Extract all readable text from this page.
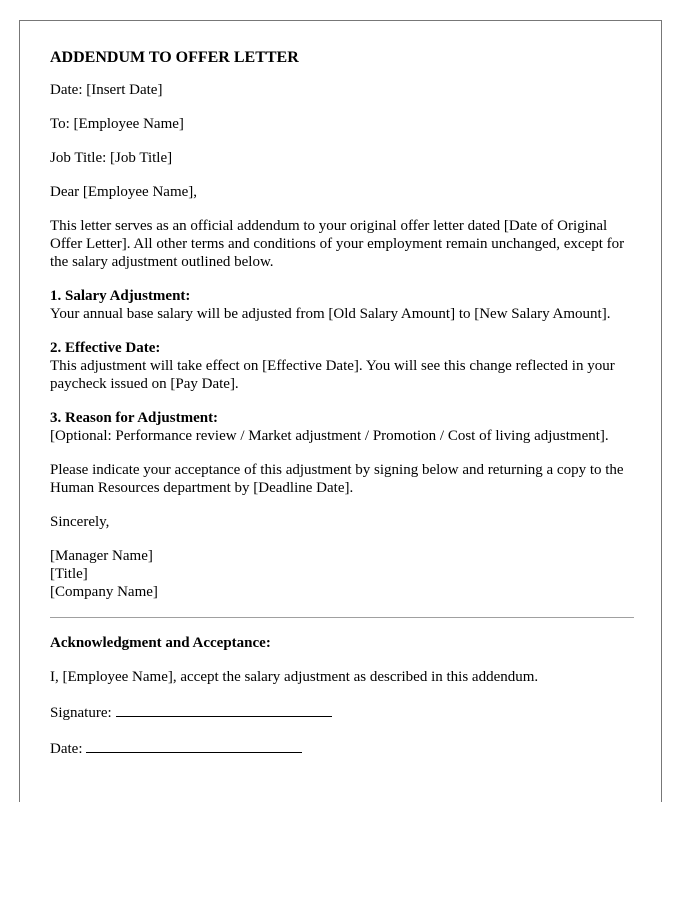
ADDENDUM TO OFFER LETTER

Date: [Insert Date]

To: [Employee Name]

Job Title: [Job Title]

Dear [Employee Name],

This letter serves as an official addendum to your original offer letter dated [Date of Original Offer Letter]. All other terms and conditions of your employment remain unchanged, except for the salary adjustment outlined below.

1. Salary Adjustment:
Your annual base salary will be adjusted from [Old Salary Amount] to [New Salary Amount].

2. Effective Date:
This adjustment will take effect on [Effective Date]. You will see this change reflected in your paycheck issued on [Pay Date].

3. Reason for Adjustment:
[Optional: Performance review / Market adjustment / Promotion / Cost of living adjustment].

Please indicate your acceptance of this adjustment by signing below and returning a copy to the Human Resources department by [Deadline Date].

Sincerely,

[Manager Name]
[Title]
[Company Name]

Acknowledgment and Acceptance:

I, [Employee Name], accept the salary adjustment as described in this addendum.

Signature:

Date:
